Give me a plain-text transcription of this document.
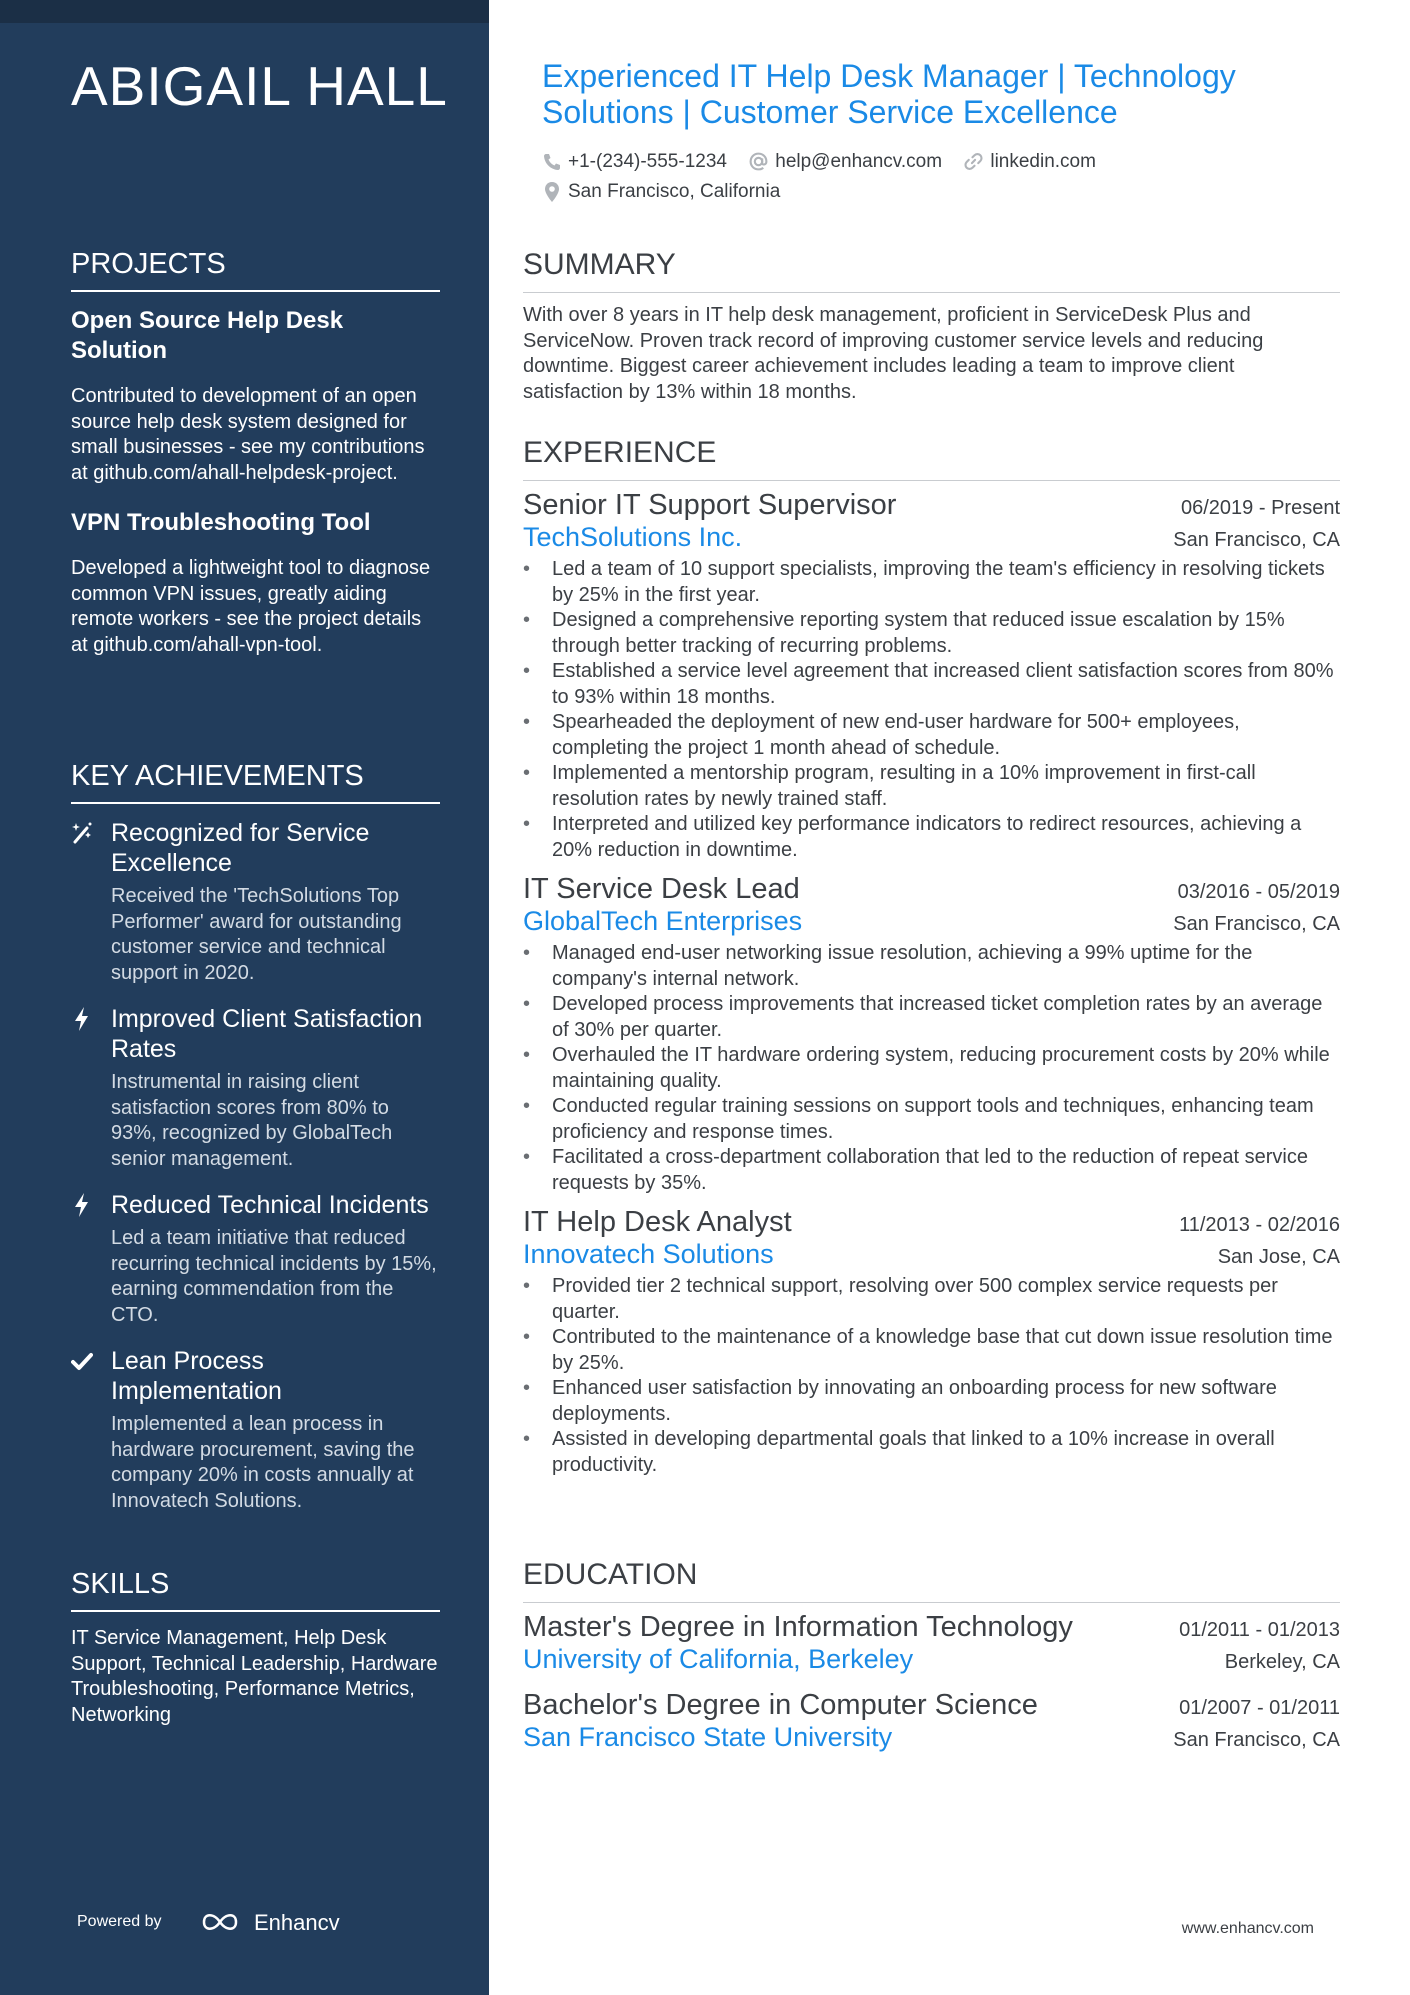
ABIGAIL HALL
PROJECTS

Open Source Help Desk Solution

Contributed to development of an open source help desk system designed for small businesses - see my contributions at github.com/ahall-helpdesk-project.

VPN Troubleshooting Tool

Developed a lightweight tool to diagnose common VPN issues, greatly aiding remote workers - see the project details at github.com/ahall-vpn-tool.

KEY ACHIEVEMENTS

Recognized for Service Excellence

Received the 'TechSolutions Top Performer' award for outstanding customer service and technical support in 2020.

Improved Client Satisfaction Rates

Instrumental in raising client satisfaction scores from 80% to 93%, recognized by GlobalTech senior management.

Reduced Technical Incidents

Led a team initiative that reduced recurring technical incidents by 15%, earning commendation from the CTO.

Lean Process Implementation

Implemented a lean process in hardware procurement, saving the company 20% in costs annually at Innovatech Solutions.

SKILLS

IT Service Management, Help Desk Support, Technical Leadership, Hardware Troubleshooting, Performance Metrics, Networking

Powered by	Enhancv
Experienced IT Help Desk Manager | Technology Solutions | Customer Service Excellence
+1-(234)-555-1234
	help@enhancv.com
	linkedin.com

San Francisco, California
SUMMARY

With over 8 years in IT help desk management, proficient in ServiceDesk Plus and ServiceNow. Proven track record of improving customer service levels and reducing downtime. Biggest career achievement includes leading a team to improve client satisfaction by 13% within 18 months.

EXPERIENCE
Senior IT Support Supervisor	06/2019 - Present
TechSolutions Inc.	San Francisco, CA
• Led a team of 10 support specialists, improving the team's efficiency in resolving tickets by 25% in the first year.
• Designed a comprehensive reporting system that reduced issue escalation by 15% through better tracking of recurring problems.
• Established a service level agreement that increased client satisfaction scores from 80% to 93% within 18 months.
• Spearheaded the deployment of new end-user hardware for 500+ employees, completing the project 1 month ahead of schedule.
• Implemented a mentorship program, resulting in a 10% improvement in first-call resolution rates by newly trained staff.
• Interpreted and utilized key performance indicators to redirect resources, achieving a 20% reduction in downtime.
IT Service Desk Lead	03/2016 - 05/2019
GlobalTech Enterprises	San Francisco, CA
• Managed end-user networking issue resolution, achieving a 99% uptime for the company's internal network.
• Developed process improvements that increased ticket completion rates by an average of 30% per quarter.
• Overhauled the IT hardware ordering system, reducing procurement costs by 20% while maintaining quality.
• Conducted regular training sessions on support tools and techniques, enhancing team proficiency and response times.
• Facilitated a cross-department collaboration that led to the reduction of repeat service requests by 35%.
IT Help Desk Analyst	11/2013 - 02/2016
Innovatech Solutions	San Jose, CA
• Provided tier 2 technical support, resolving over 500 complex service requests per quarter.
• Contributed to the maintenance of a knowledge base that cut down issue resolution time by 25%.
• Enhanced user satisfaction by innovating an onboarding process for new software deployments.
• Assisted in developing departmental goals that linked to a 10% increase in overall productivity.
EDUCATION
Master's Degree in Information Technology	01/2011 - 01/2013
University of California, Berkeley	Berkeley, CA
Bachelor's Degree in Computer Science	01/2007 - 01/2011
San Francisco State University	San Francisco, CA
www.enhancv.com
